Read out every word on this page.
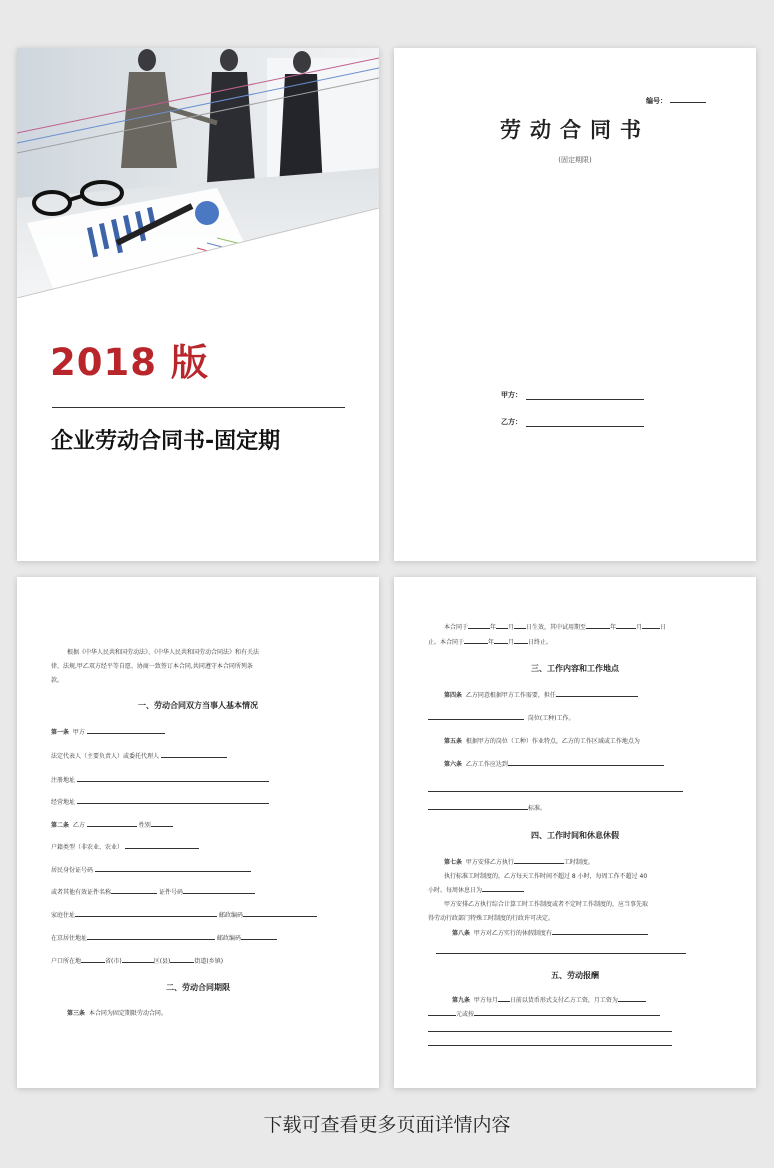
2018 版
企业劳动合同书-固定期
编号：
劳动合同书
(固定期限)
甲方：
乙方：
根据《中华人民共和国劳动法》、《中华人民共和国劳动合同法》和有关法
律、法规,甲乙双方经平等自愿、协商一致签订本合同,共同遵守本合同所列条
款。
一、劳动合同双方当事人基本情况
第一条 甲方
法定代表人（主要负责人）或委托代理人
注册地址
经营地址
第二条 乙方	性别
户籍类型（非农业、农业）
居民身份证号码
或者其他有效证件名称	证件号码
家庭住址	邮政编码
在京居住地址	邮政编码
户口所在地	省(市)	区(县)	街道(乡镇)
二、劳动合同期限
第三条 本合同为固定期限劳动合同。
本合同于	年 月 日生效，其中试用期至	年	月	日
止。本合同于	年 月 日终止。
三、工作内容和工作地点
第四条 乙方同意根据甲方工作需要，担任
岗位(工种)工作。
第五条 根据甲方的岗位（工种）作业特点，乙方的工作区域或工作地点为
第六条 乙方工作应达到
标准。
四、工作时间和休息休假
第七条 甲方安排乙方执行	工时制度。
执行标准工时制度的，乙方每天工作时间不超过 8 小时，每周工作不超过 40
小时。每周休息日为
甲方安排乙方执行综合计算工时工作制度或者不定时工作制度的，应当事先取
得劳动行政部门特殊工时制度的行政许可决定。
第八条 甲方对乙方实行的休假制度有
五、劳动报酬
第九条 甲方每月 日前以货币形式支付乙方工资，月工资为
元或按
下载可查看更多页面详情内容
